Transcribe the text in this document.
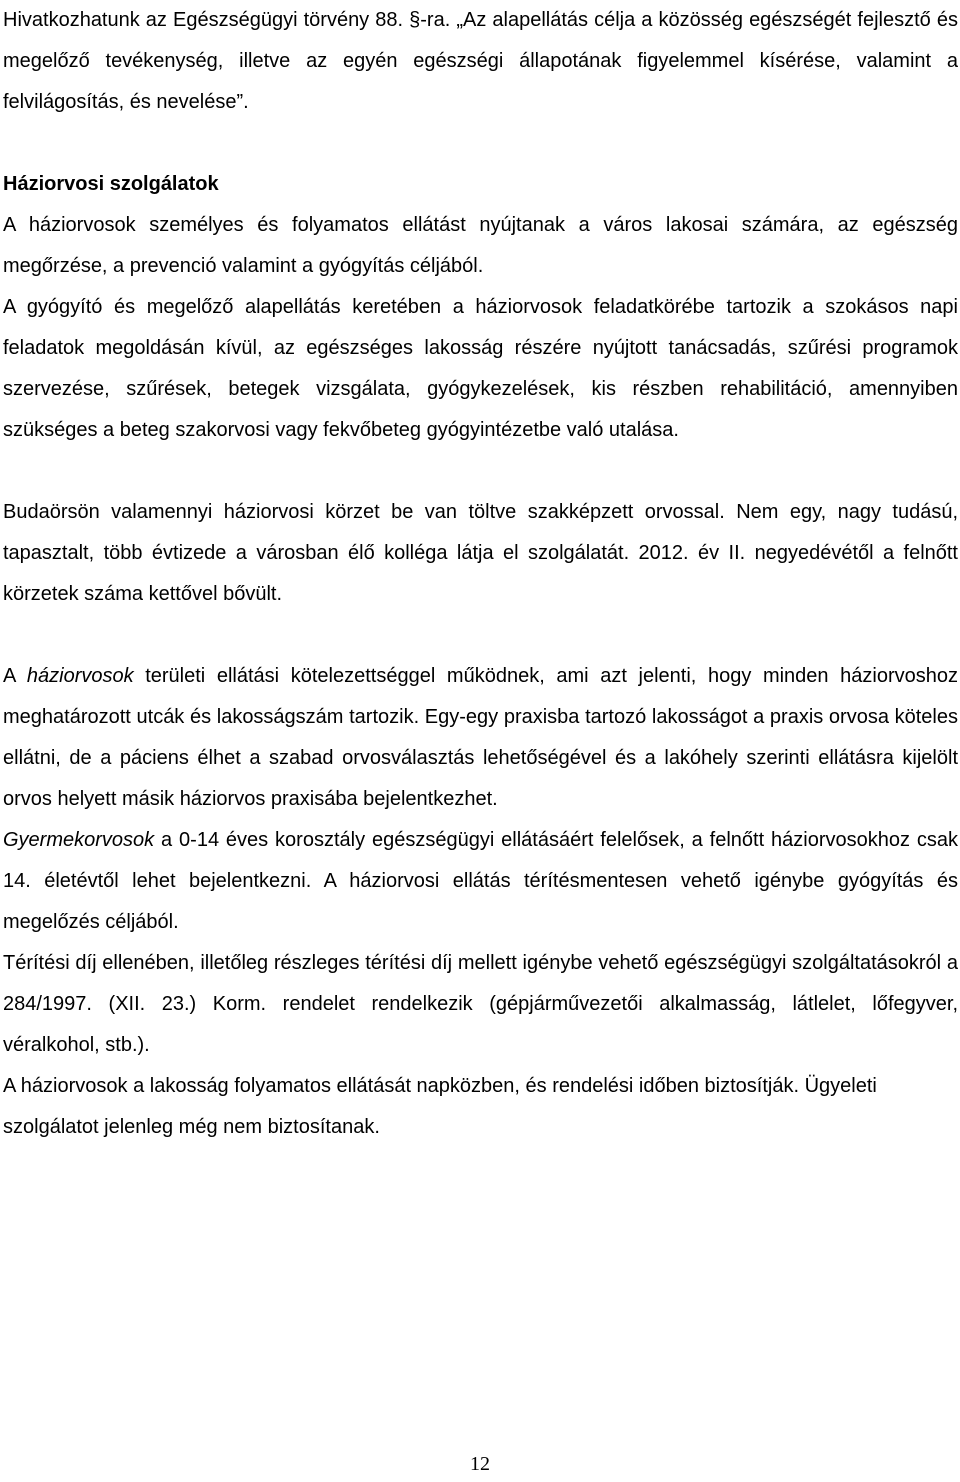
Hivatkozhatunk az Egészségügyi törvény 88. §-ra. „Az alapellátás célja a közösség egészségét fejlesztő és megelőző tevékenység, illetve az egyén egészségi állapotának figyelemmel kísérése, valamint a felvilágosítás, és nevelése”.

Háziorvosi szolgálatok

A háziorvosok személyes és folyamatos ellátást nyújtanak a város lakosai számára, az egészség megőrzése, a prevenció valamint a gyógyítás céljából.

A gyógyító és megelőző alapellátás keretében a háziorvosok feladatkörébe tartozik a szokásos napi feladatok megoldásán kívül, az egészséges lakosság részére nyújtott tanácsadás, szűrési programok szervezése, szűrések, betegek vizsgálata, gyógykezelések, kis részben rehabilitáció, amennyiben szükséges a beteg szakorvosi vagy fekvőbeteg gyógyintézetbe való utalása.

Budaörsön valamennyi háziorvosi körzet be van töltve szakképzett orvossal. Nem egy, nagy tudású, tapasztalt, több évtizede a városban élő kolléga látja el szolgálatát. 2012. év II. negyedévétől a felnőtt körzetek száma kettővel bővült.

A háziorvosok területi ellátási kötelezettséggel működnek, ami azt jelenti, hogy minden háziorvoshoz meghatározott utcák és lakosságszám tartozik. Egy-egy praxisba tartozó lakosságot a praxis orvosa köteles ellátni, de a páciens élhet a szabad orvosválasztás lehetőségével és a lakóhely szerinti ellátásra kijelölt orvos helyett másik háziorvos praxisába bejelentkezhet.

Gyermekorvosok a 0-14 éves korosztály egészségügyi ellátásáért felelősek, a felnőtt háziorvosokhoz csak 14. életévtől lehet bejelentkezni. A háziorvosi ellátás térítésmentesen vehető igénybe gyógyítás és megelőzés céljából.

Térítési díj ellenében, illetőleg részleges térítési díj mellett igénybe vehető egészségügyi szolgáltatásokról a 284/1997. (XII. 23.) Korm. rendelet rendelkezik (gépjárművezetői alkalmasság, látlelet, lőfegyver, véralkohol, stb.).

A háziorvosok a lakosság folyamatos ellátását napközben, és rendelési időben biztosítják. Ügyeleti szolgálatot jelenleg még nem biztosítanak.

12
